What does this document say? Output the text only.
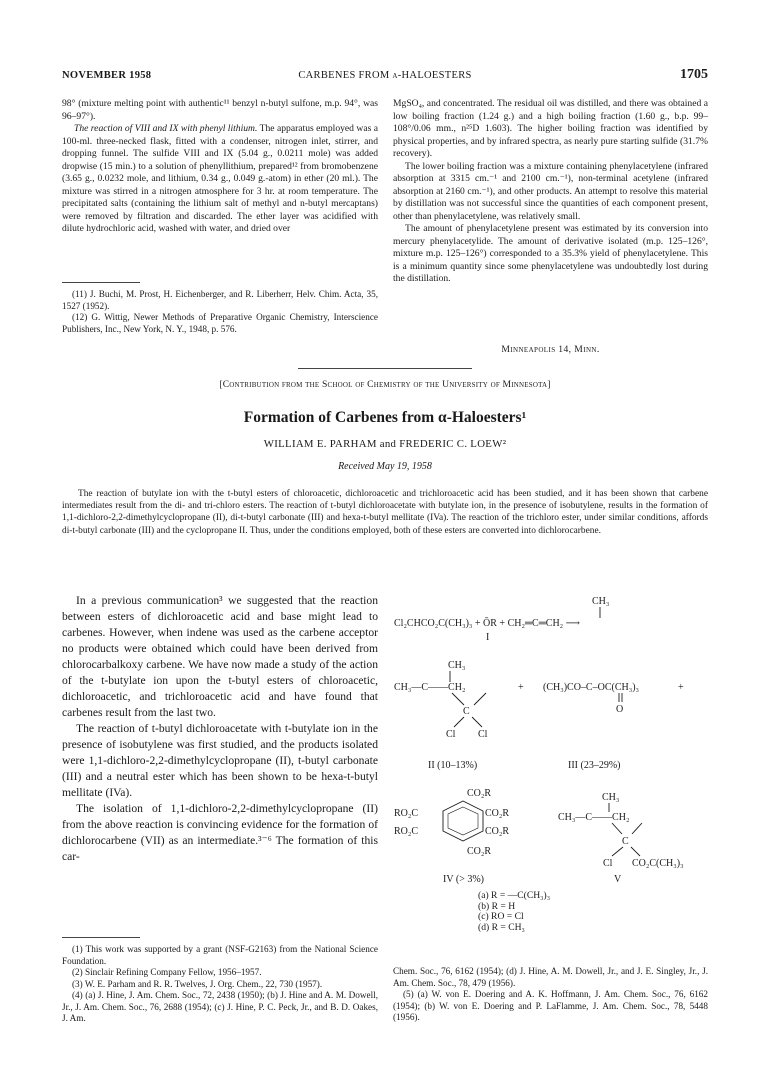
NOVEMBER 1958	CARBENES FROM α-HALOESTERS	1705

98° (mixture melting point with authentic¹¹ benzyl n-butyl sulfone, m.p. 94°, was 96–97°).

The reaction of VIII and IX with phenyl lithium. The apparatus employed was a 100-ml. three-necked flask, fitted with a condenser, nitrogen inlet, stirrer, and dropping funnel. The sulfide VIII and IX (5.04 g., 0.0211 mole) was added dropwise (15 min.) to a solution of phenyllithium, prepared¹² from bromobenzene (3.65 g., 0.0232 mole, and lithium, 0.34 g., 0.049 g.-atom) in ether (20 ml.). The mixture was stirred in a nitrogen atmosphere for 3 hr. at room temperature. The precipitated salts (containing the lithium salt of methyl and n-butyl mercaptans) were removed by filtration and discarded. The ether layer was acidified with dilute hydrochloric acid, washed with water, and dried over

(11) J. Buchi, M. Prost, H. Eichenberger, and R. Liberherr, Helv. Chim. Acta, 35, 1527 (1952).

(12) G. Wittig, Newer Methods of Preparative Organic Chemistry, Interscience Publishers, Inc., New York, N. Y., 1948, p. 576.

MgSO₄, and concentrated. The residual oil was distilled, and there was obtained a low boiling fraction (1.24 g.) and a high boiling fraction (1.60 g., b.p. 99–108°/0.06 mm., n²⁵D 1.603). The higher boiling fraction was identified by physical properties, and by infrared spectra, as nearly pure starting sulfide (31.7% recovery).

The lower boiling fraction was a mixture containing phenylacetylene (infrared absorption at 3315 cm.⁻¹ and 2100 cm.⁻¹), non-terminal acetylene (infrared absorption at 2160 cm.⁻¹), and other products. An attempt to resolve this material by distillation was not successful since the quantities of each component present, other than phenylacetylene, was relatively small.

The amount of phenylacetylene present was estimated by its conversion into mercury phenylacetylide. The amount of derivative isolated (m.p. 125–126°, mixture m.p. 125–126°) corresponded to a 35.3% yield of phenylacetylene. This is a minimum quantity since some phenylacetylene was undoubtedly lost during the distillation.

Minneapolis 14, Minn.
[Contribution from the School of Chemistry of the University of Minnesota]
Formation of Carbenes from α-Haloesters¹
WILLIAM E. PARHAM and FREDERIC C. LOEW²
Received May 19, 1958
The reaction of butylate ion with the t-butyl esters of chloroacetic, dichloroacetic and trichloroacetic acid has been studied, and it has been shown that carbene intermediates result from the di- and tri-chloro esters. The reaction of t-butyl dichloroacetate with butylate ion, in the presence of isobutylene, results in the formation of 1,1-dichloro-2,2-dimethylcyclopropane (II), di-t-butyl carbonate (III) and hexa-t-butyl mellitate (IVa). The reaction of the trichloro ester, under similar conditions, affords di-t-butyl carbonate (III) and the cyclopropane II. Thus, under the conditions employed, both of these esters are converted into dichlorocarbene.

In a previous communication³ we suggested that the reaction between esters of dichloroacetic acid and base might lead to carbenes. However, when indene was used as the carbene acceptor no products were obtained which could have been derived from chlorocarbalkoxy carbene. We have now made a study of the action of the t-butylate ion upon the t-butyl esters of chloroacetic, dichloroacetic, and trichloroacetic acid and have found that carbenes result from the last two.

The reaction of t-butyl dichloroacetate with t-butylate ion in the presence of isobutylene was first studied, and the products isolated were 1,1-dichloro-2,2-dimethylcyclopropane (II), t-butyl carbonate (III) and a neutral ester which has been shown to be hexa-t-butyl mellitate (IVa).

The isolation of 1,1-dichloro-2,2-dimethylcyclopropane (II) from the above reaction is convincing evidence for the formation of dichlorocarbene (VII) as an intermediate.³⁻⁶ The formation of this car-

CH₃
Cl₂CHCO₂C(CH₃)₃ + ŌR + CH₂═C═CH₂ ⟶
I
CH₃
CH₃—C——CH₂
C
Cl Cl
+ (CH₃)CO–C–OC(CH₃)₃
O
+
II (10–13%)	III (23–29%)
CO₂R
RO₂C
RO₂C
CO₂R
CO₂R
CO₂R
CH₃
CH₃—C——CH₂
C
Cl CO₂C(CH₃)₃
IV (> 3%)	V
(a) R = —C(CH₃)₃
(b) R = H
(c) RO = Cl
(d) R = CH₃

(1) This work was supported by a grant (NSF-G2163) from the National Science Foundation.

(2) Sinclair Refining Company Fellow, 1956–1957.

(3) W. E. Parham and R. R. Twelves, J. Org. Chem., 22, 730 (1957).

(4) (a) J. Hine, J. Am. Chem. Soc., 72, 2438 (1950); (b) J. Hine and A. M. Dowell, Jr., J. Am. Chem. Soc., 76, 2688 (1954); (c) J. Hine, P. C. Peck, Jr., and B. D. Oakes, J. Am.

Chem. Soc., 76, 6162 (1954); (d) J. Hine, A. M. Dowell, Jr., and J. E. Singley, Jr., J. Am. Chem. Soc., 78, 479 (1956).

(5) (a) W. von E. Doering and A. K. Hoffmann, J. Am. Chem. Soc., 76, 6162 (1954); (b) W. von E. Doering and P. LaFlamme, J. Am. Chem. Soc., 78, 5448 (1956).
